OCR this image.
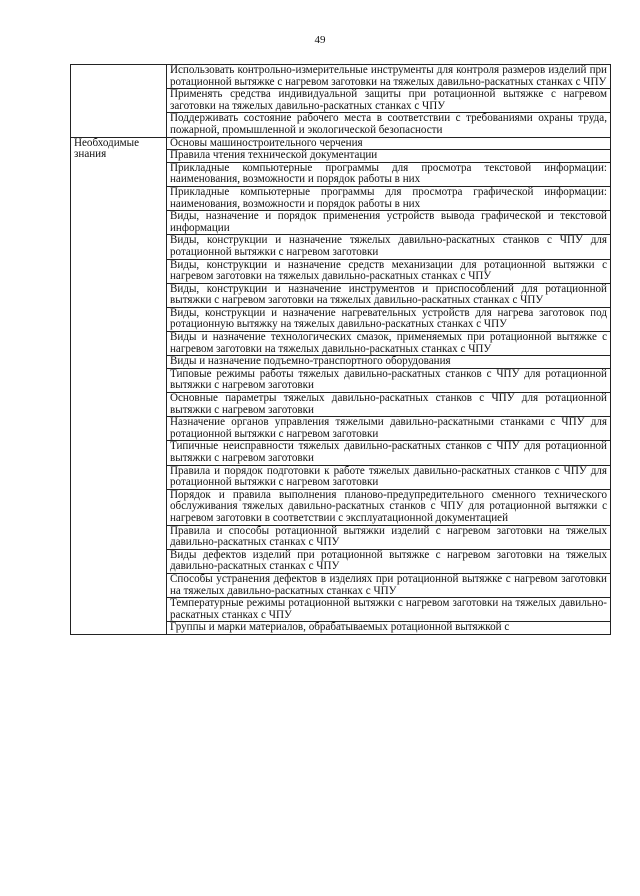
49
	Использовать контрольно-измерительные инструменты для контроля размеров изделий при ротационной вытяжке с нагревом заготовки на тяжелых давильно-раскатных станках с ЧПУ
	Применять средства индивидуальной защиты при ротационной вытяжке с нагревом заготовки на тяжелых давильно-раскатных станках с ЧПУ
	Поддерживать состояние рабочего места в соответствии с требованиями охраны труда, пожарной, промышленной и экологической безопасности
Необходимые знания	Основы машиностроительного черчения
	Правила чтения технической документации
	Прикладные компьютерные программы для просмотра текстовой информации: наименования, возможности и порядок работы в них
	Прикладные компьютерные программы для просмотра графической информации: наименования, возможности и порядок работы в них
	Виды, назначение и порядок применения устройств вывода графической и текстовой информации
	Виды, конструкции и назначение тяжелых давильно-раскатных станков с ЧПУ для ротационной вытяжки с нагревом заготовки
	Виды, конструкции и назначение средств механизации для ротационной вытяжки с нагревом заготовки на тяжелых давильно-раскатных станках с ЧПУ
	Виды, конструкции и назначение инструментов и приспособлений для ротационной вытяжки с нагревом заготовки на тяжелых давильно-раскатных станках с ЧПУ
	Виды, конструкции и назначение нагревательных устройств для нагрева заготовок под ротационную вытяжку на тяжелых давильно-раскатных станках с ЧПУ
	Виды и назначение технологических смазок, применяемых при ротационной вытяжке с нагревом заготовки на тяжелых давильно-раскатных станках с ЧПУ
	Виды и назначение подъемно-транспортного оборудования
	Типовые режимы работы тяжелых давильно-раскатных станков с ЧПУ для ротационной вытяжки с нагревом заготовки
	Основные параметры тяжелых давильно-раскатных станков с ЧПУ для ротационной вытяжки с нагревом заготовки
	Назначение органов управления тяжелыми давильно-раскатными станками с ЧПУ для ротационной вытяжки с нагревом заготовки
	Типичные неисправности тяжелых давильно-раскатных станков с ЧПУ для ротационной вытяжки с нагревом заготовки
	Правила и порядок подготовки к работе тяжелых давильно-раскатных станков с ЧПУ для ротационной вытяжки с нагревом заготовки
	Порядок и правила выполнения планово-предупредительного сменного технического обслуживания тяжелых давильно-раскатных станков с ЧПУ для ротационной вытяжки с нагревом заготовки в соответствии с эксплуатационной документацией
	Правила и способы ротационной вытяжки изделий с нагревом заготовки на тяжелых давильно-раскатных станках с ЧПУ
	Виды дефектов изделий при ротационной вытяжке с нагревом заготовки на тяжелых давильно-раскатных станках с ЧПУ
	Способы устранения дефектов в изделиях при ротационной вытяжке с нагревом заготовки на тяжелых давильно-раскатных станках с ЧПУ
	Температурные режимы ротационной вытяжки с нагревом заготовки на тяжелых давильно-раскатных станках с ЧПУ
	Группы и марки материалов, обрабатываемых ротационной вытяжкой с
